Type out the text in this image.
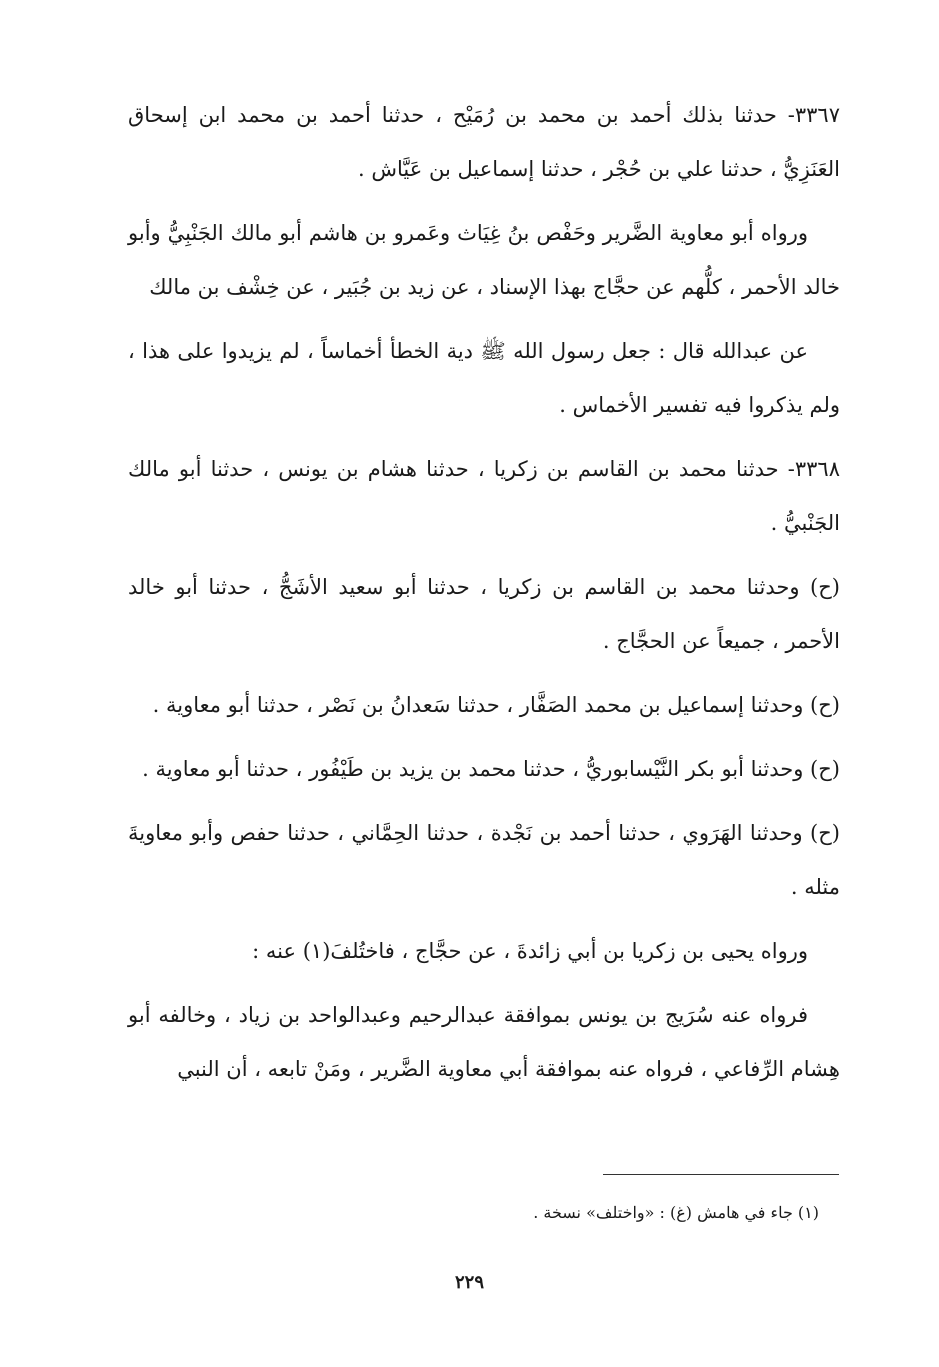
٣٣٦٧- حدثنا بذلك أحمد بن محمد بن رُمَيْح ، حدثنا أحمد بن محمد ابن إسحاق العَنَزِيُّ ، حدثنا علي بن حُجْر ، حدثنا إسماعيل بن عَيَّاش .

ورواه أبو معاوية الضَّرير وحَفْص بنُ غِيَاث وعَمرو بن هاشم أبو مالك الجَنْبِيُّ وأبو خالد الأحمر ، كلُّهم عن حجَّاج بهذا الإسناد ، عن زيد بن جُبَير ، عن خِشْف بن مالك

عن عبدالله قال : جعل رسول الله ﷺ دية الخطأ أخماساً ، لم يزيدوا على هذا ، ولم يذكروا فيه تفسير الأخماس .

٣٣٦٨- حدثنا محمد بن القاسم بن زكريا ، حدثنا هشام بن يونس ، حدثنا أبو مالك الجَنْبيُّ .

(ح) وحدثنا محمد بن القاسم بن زكريا ، حدثنا أبو سعيد الأشَجُّ ، حدثنا أبو خالد الأحمر ، جميعاً عن الحجَّاج .

(ح) وحدثنا إسماعيل بن محمد الصَفَّار ، حدثنا سَعدانُ بن نَصْر ، حدثنا أبو معاوية .

(ح) وحدثنا أبو بكر النَّيْسابوريُّ ، حدثنا محمد بن يزيد بن طَيْفُور ، حدثنا أبو معاوية .

(ح) وحدثنا الهَرَوي ، حدثنا أحمد بن نَجْدة ، حدثنا الحِمَّاني ، حدثنا حفص وأبو معاويةَ مثله .

ورواه يحيى بن زكريا بن أبي زائدةَ ، عن حجَّاج ، فاختُلفَ(١) عنه :

فرواه عنه سُرَيج بن يونس بموافقة عبدالرحيم وعبدالواحد بن زياد ، وخالفه أبو هِشام الرِّفاعي ، فرواه عنه بموافقة أبي معاوية الضَّرير ، ومَنْ تابعه ، أن النبي

(١) جاء في هامش (غ) : «واختلف» نسخة .
٢٢٩
